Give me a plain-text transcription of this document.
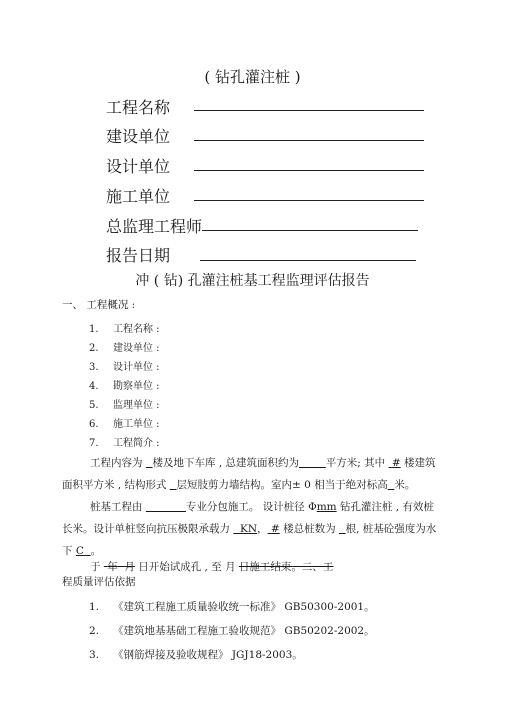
( 钻孔灌注桩 )
工程名称
建设单位
设计单位
施工单位
总监理工程师
报告日期
冲 ( 钻) 孔灌注桩基工程监理评估报告
一、 工程概况 :
1. 工程名称 :
2. 建设单位 :
3. 设计单位 :
4. 勘察单位 :
5. 监理单位 :
6. 施工单位 :
7. 工程简介 :
工程内容为 楼及地下车库 , 总建筑面积约为	平方米; 其中 # 楼建筑面积平方米 , 结构形式 层短肢剪力墙结构。室内± 0 相当于绝对标高 米。
桩基工程由	专业分包施工。 设计桩径 Φmm 钻孔灌注桩 , 有效桩长米。设计单桩竖向抗压极限承载力 KN， # 楼总桩数为 根, 桩基砼强度为水下 C 。
于 年 月 日开始试成孔 , 至 月 日施工结束。二、工
程质量评估依据
1. 《建筑工程施工质量验收统一标准》 GB50300-2001。
2. 《建筑地基基础工程施工验收规范》 GB50202-2002。
3. 《钢筋焊接及验收规程》 JGJ18-2003。
